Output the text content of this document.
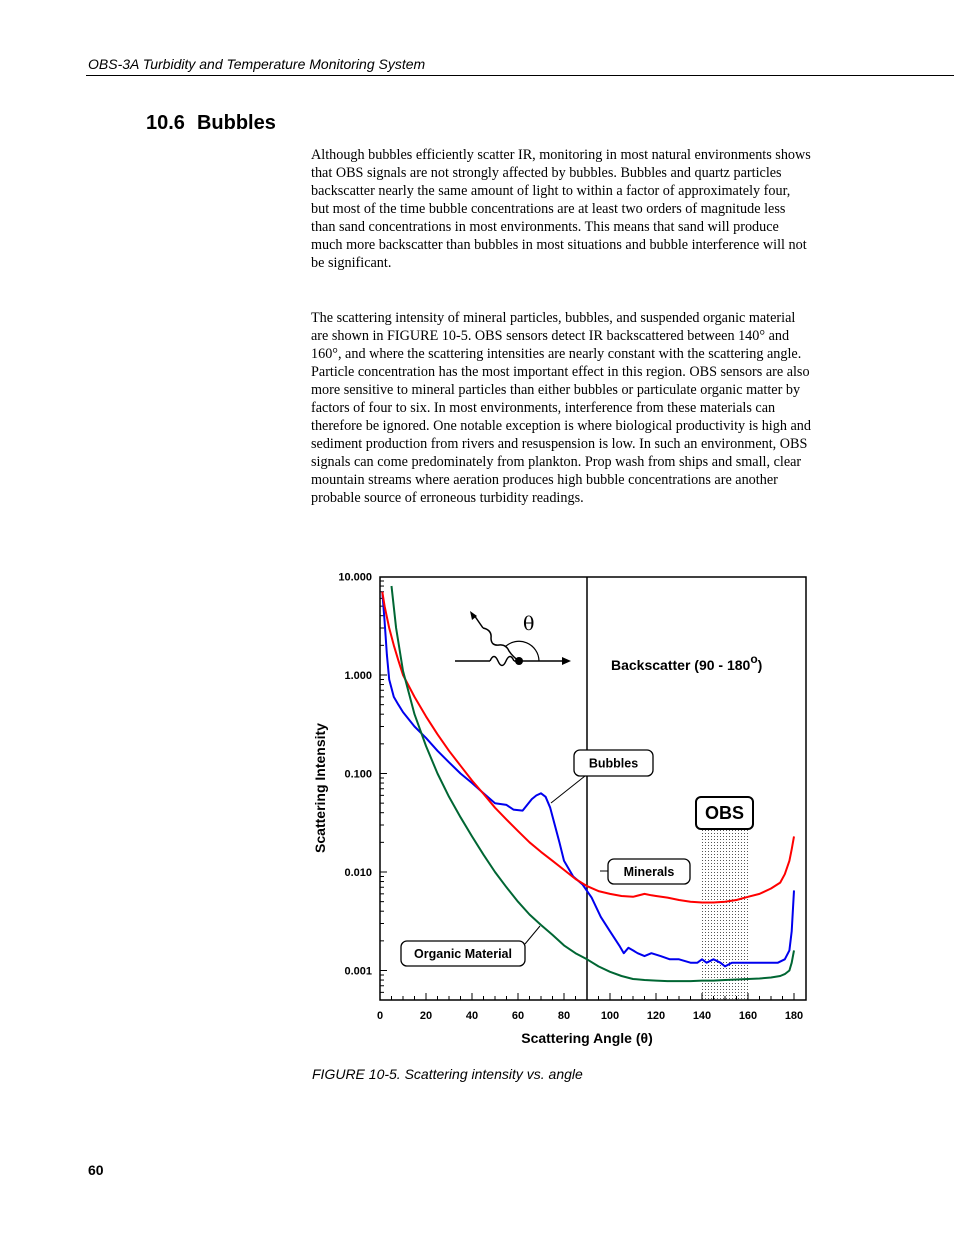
OBS-3A Turbidity and Temperature Monitoring System
10.6 Bubbles

Although bubbles efficiently scatter IR, monitoring in most natural environments shows that OBS signals are not strongly affected by bubbles. Bubbles and quartz particles backscatter nearly the same amount of light to within a factor of approximately four, but most of the time bubble concentrations are at least two orders of magnitude less than sand concentrations in most environments. This means that sand will produce much more backscatter than bubbles in most situations and bubble interference will not be significant.

The scattering intensity of mineral particles, bubbles, and suspended organic material are shown in FIGURE 10-5. OBS sensors detect IR backscattered between 140° and 160°, and where the scattering intensities are nearly constant with the scattering angle. Particle concentration has the most important effect in this region. OBS sensors are also more sensitive to mineral particles than either bubbles or particulate organic matter by factors of four to six. In most environments, interference from these materials can therefore be ignored. One notable exception is where biological productivity is high and sediment production from rivers and resuspension is low. In such an environment, OBS signals can come predominately from plankton. Prop wash from ships and small, clear mountain streams where aeration produces high bubble concentrations are another probable source of erroneous turbidity readings.

0	20	40	60	80	100	120	140	160	180
10.000
1.000
0.100
0.010
0.001
Scattering Angle (θ)
Scattering Intensity
Backscatter (90 - 180o)
θ
OBS
Bubbles
Minerals
Organic Material
FIGURE 10-5. Scattering intensity vs. angle
60
